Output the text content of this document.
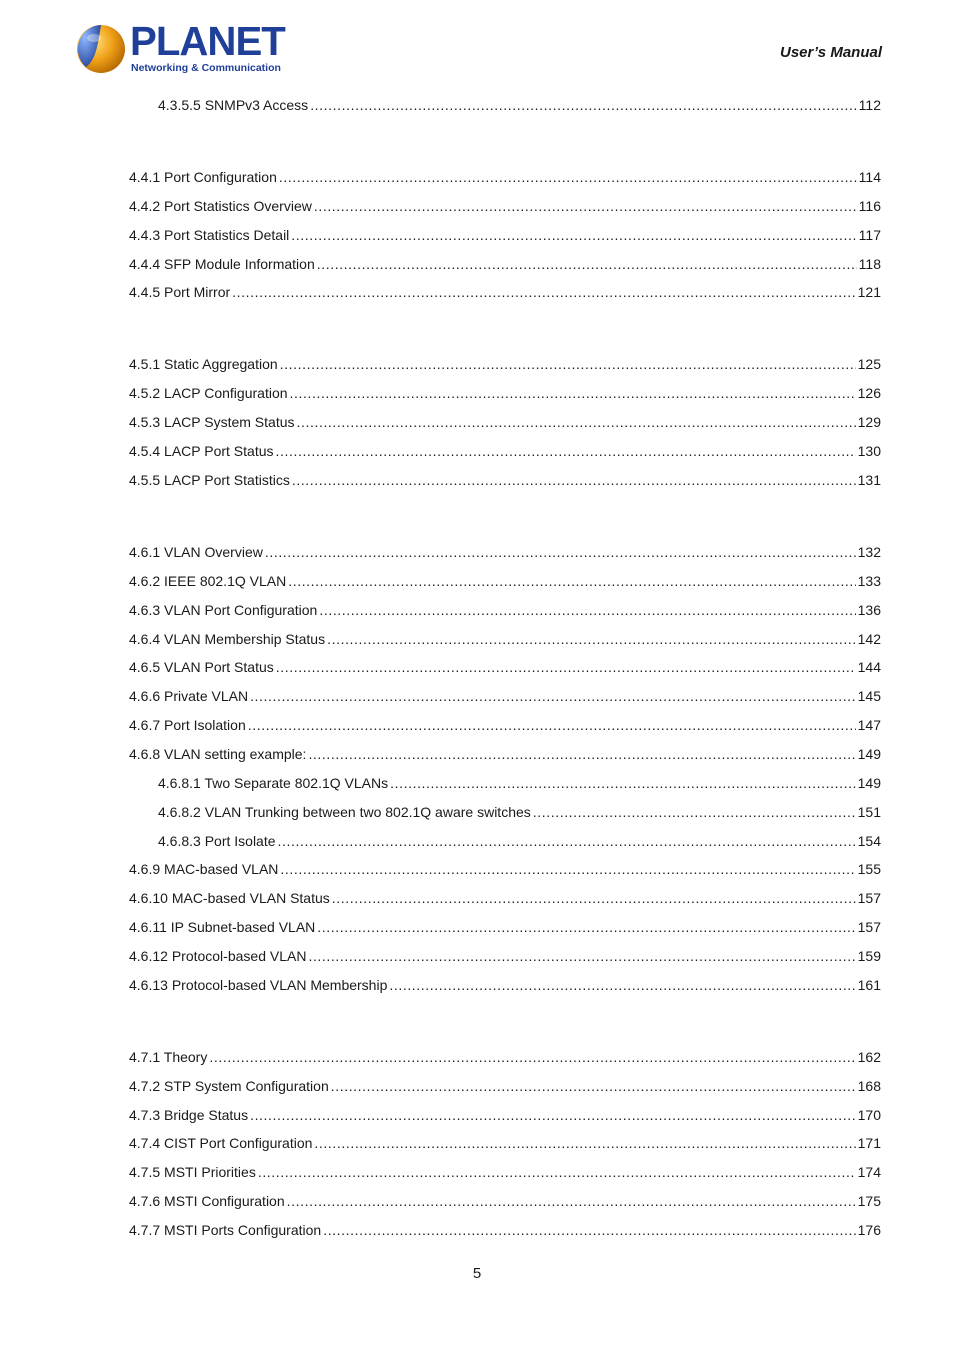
PLANET
Networking & Communication
User’s Manual
4.3.5.5 SNMPv3 Access .....	112
4.4.1 Port Configuration .....	114
4.4.2 Port Statistics Overview .....	116
4.4.3 Port Statistics Detail .....	117
4.4.4 SFP Module Information .....	118
4.4.5 Port Mirror .....	121
4.5.1 Static Aggregation .....	125
4.5.2 LACP Configuration .....	126
4.5.3 LACP System Status .....	129
4.5.4 LACP Port Status .....	130
4.5.5 LACP Port Statistics .....	131
4.6.1 VLAN Overview .....	132
4.6.2 IEEE 802.1Q VLAN .....	133
4.6.3 VLAN Port Configuration .....	136
4.6.4 VLAN Membership Status .....	142
4.6.5 VLAN Port Status .....	144
4.6.6 Private VLAN .....	145
4.6.7 Port Isolation .....	147
4.6.8 VLAN setting example: .....	149
4.6.8.1 Two Separate 802.1Q VLANs .....	149
4.6.8.2 VLAN Trunking between two 802.1Q aware switches .....	151
4.6.8.3 Port Isolate .....	154
4.6.9 MAC-based VLAN .....	155
4.6.10 MAC-based VLAN Status .....	157
4.6.11 IP Subnet-based VLAN .....	157
4.6.12 Protocol-based VLAN .....	159
4.6.13 Protocol-based VLAN Membership .....	161
4.7.1 Theory .....	162
4.7.2 STP System Configuration .....	168
4.7.3 Bridge Status .....	170
4.7.4 CIST Port Configuration .....	171
4.7.5 MSTI Priorities .....	174
4.7.6 MSTI Configuration .....	175
4.7.7 MSTI Ports Configuration .....	176
5
